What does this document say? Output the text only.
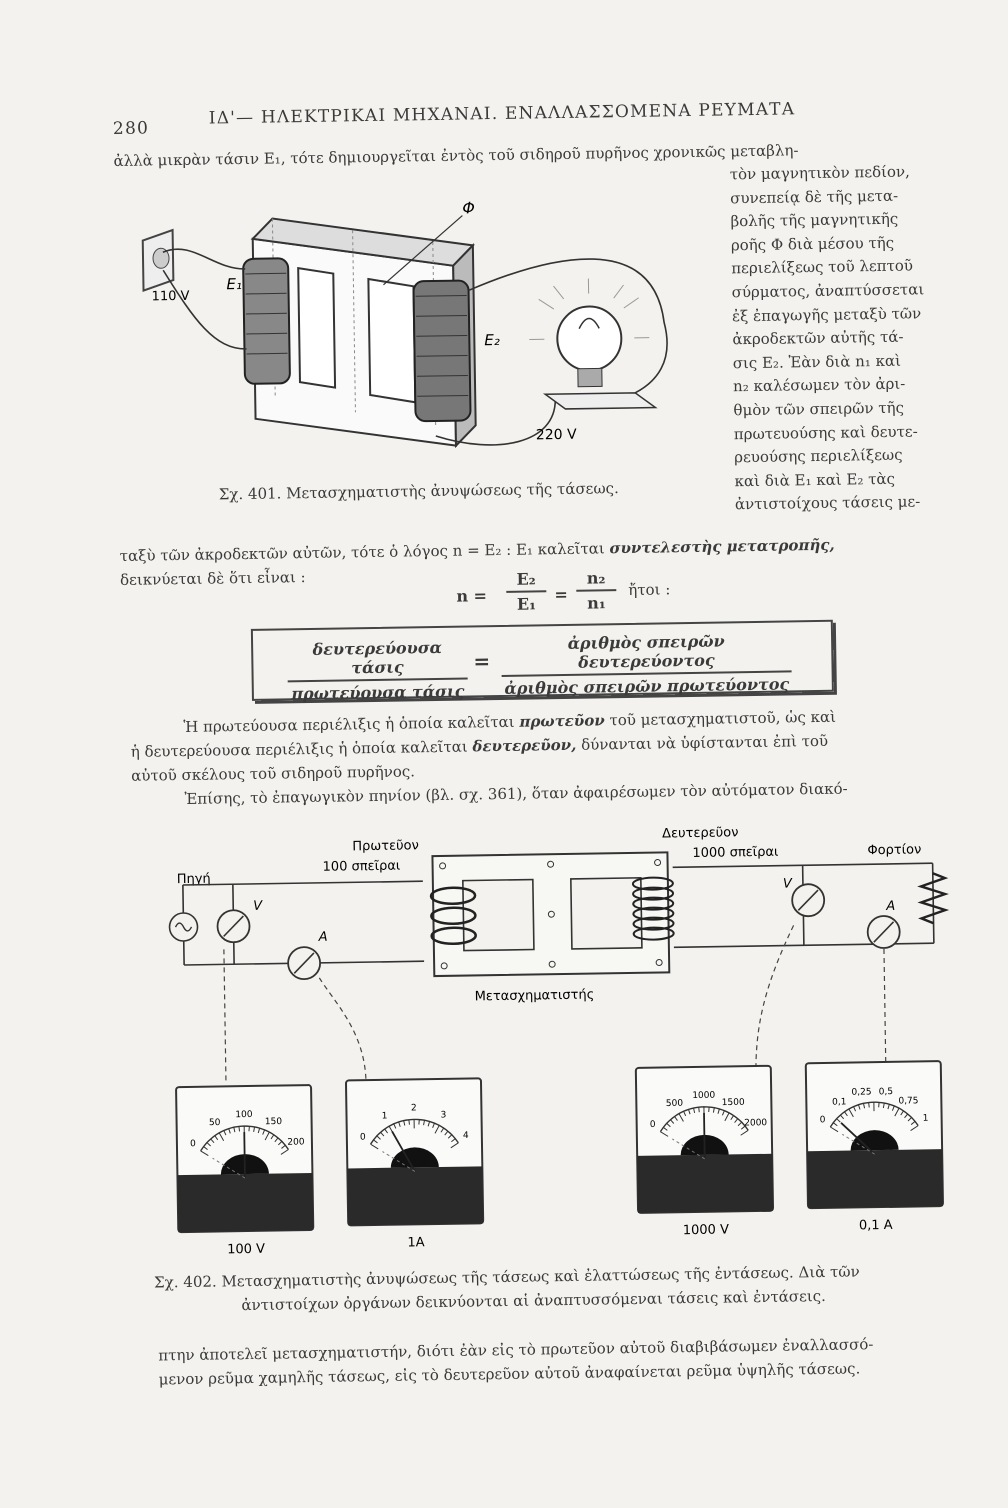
280
ΙΔ'— ΗΛΕΚΤΡΙΚΑΙ ΜΗΧΑΝΑΙ. ΕΝΑΛΛΑΣΣΟΜΕΝΑ ΡΕΥΜΑΤΑ
ἀλλὰ μικρὰν τάσιν E₁, τότε δημιουργεῖται ἐντὸς τοῦ σιδηροῦ πυρῆνος χρονικῶς μεταβλη-
τὸν μαγνητικὸν πεδίον,
συνεπείᾳ δὲ τῆς μετα-
βολῆς τῆς μαγνητικῆς
ροῆς Φ διὰ μέσου τῆς
περιελίξεως τοῦ λεπτοῦ
σύρματος, ἀναπτύσσεται
ἐξ ἐπαγωγῆς μεταξὺ τῶν
ἀκροδεκτῶν αὐτῆς τά-
σις E₂. Ἐὰν διὰ n₁ καὶ
n₂ καλέσωμεν τὸν ἀρι-
θμὸν τῶν σπειρῶν τῆς
πρωτευούσης καὶ δευτε-
ρευούσης περιελίξεως
καὶ διὰ E₁ καὶ E₂ τὰς
ἀντιστοίχους τάσεις με-
110 V
E₁
E₂
Φ
220 V
Σχ. 401. Μετασχηματιστὴς ἀνυψώσεως τῆς τάσεως.
ταξὺ τῶν ἀκροδεκτῶν αὐτῶν, τότε ὁ λόγος n = E₂ : E₁ καλεῖται συντελεστὴς μετατροπῆς,
δεικνύεται δὲ ὅτι εἶναι :
$n = \frac{\text{E₂}}{\text{E₁}} = \frac{\text{n₂}}{\text{n₁}}$ ἤτοι :
δευτερεύουσα τάσις
πρωτεύουσα τάσις
=
ἀριθμὸς σπειρῶν δευτερεύοντος
ἀριθμὸς σπειρῶν πρωτεύοντος
Ἡ πρωτεύουσα περιέλιξις ἡ ὁποία καλεῖται πρωτεῦον τοῦ μετασχηματιστοῦ, ὡς καὶ
ἡ δευτερεύουσα περιέλιξις ἡ ὁποία καλεῖται δευτερεῦον, δύνανται νὰ ὑφίστανται ἐπὶ τοῦ
αὐτοῦ σκέλους τοῦ σιδηροῦ πυρῆνος.
Ἐπίσης, τὸ ἐπαγωγικὸν πηνίον (βλ. σχ. 361), ὅταν ἀφαιρέσωμεν τὸν αὐτόματον διακό-
Πηγή
Πρωτεῦον
100 σπεῖραι
Δευτερεῦον
1000 σπεῖραι	Φορτίον
Μετασχηματιστής
V
A
V
A
0
50
100
150
200
100 V
0
1
2
3
4
1A
0
500
1000
1500
2000
1000 V
0
0,1
0,25 0,5
0,75
1
0,1 A
Σχ. 402. Μετασχηματιστὴς ἀνυψώσεως τῆς τάσεως καὶ ἐλαττώσεως τῆς ἐντάσεως. Διὰ τῶν
ἀντιστοίχων ὀργάνων δεικνύονται αἱ ἀναπτυσσόμεναι τάσεις καὶ ἐντάσεις.
πτην ἀποτελεῖ μετασχηματιστήν, διότι ἐὰν εἰς τὸ πρωτεῦον αὐτοῦ διαβιβάσωμεν ἐναλλασσό-
μενον ρεῦμα χαμηλῆς τάσεως, εἰς τὸ δευτερεῦον αὐτοῦ ἀναφαίνεται ρεῦμα ὑψηλῆς τάσεως.
